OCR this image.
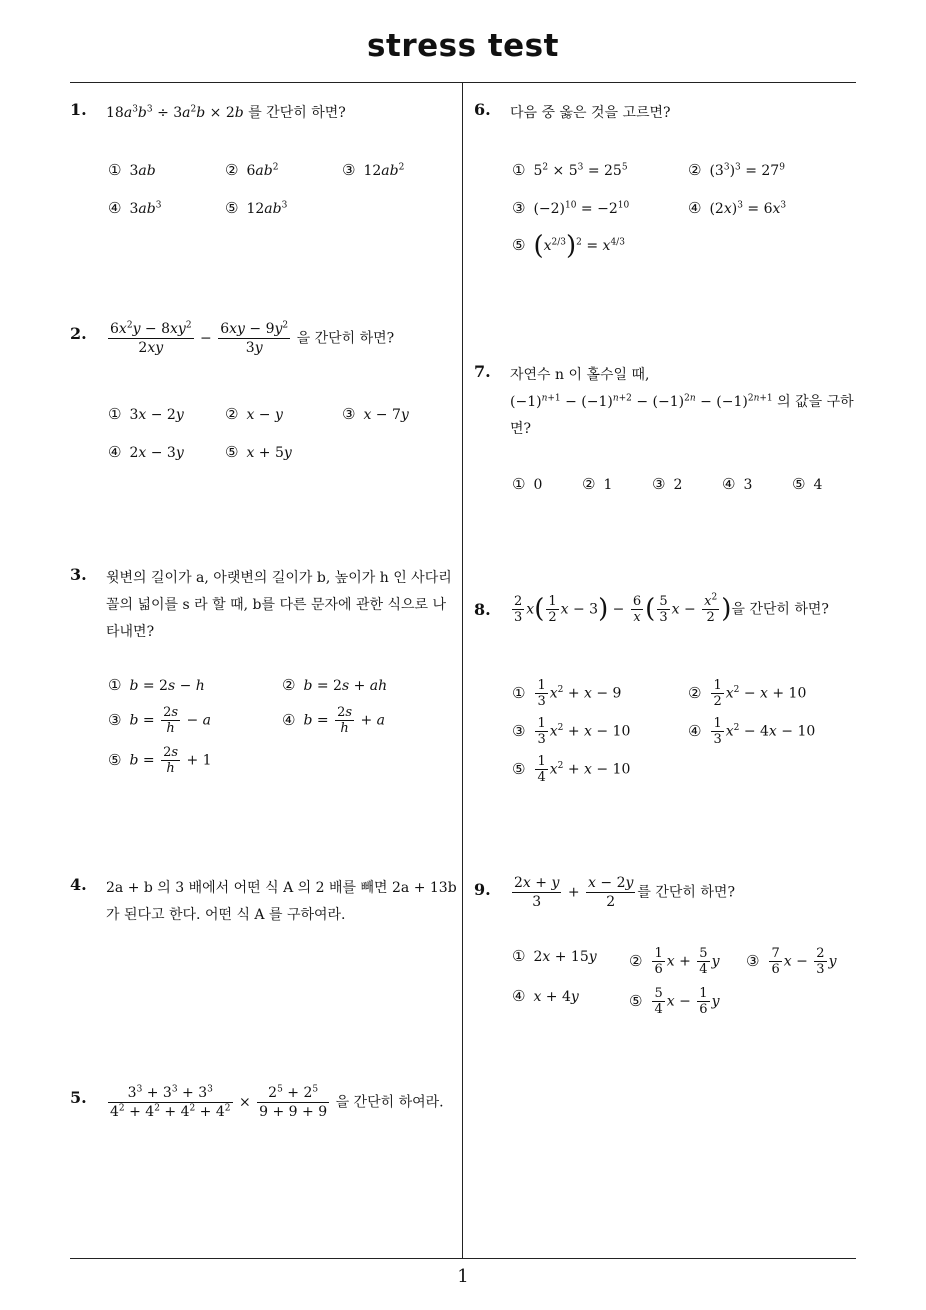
stress test
1
1. $18a^3b^3 \div 3a^2b \times 2b$ 를 간단히 하면?
① 3ab	② $6ab^2$	③ $12ab^2$
④ $3ab^3$	⑤ $12ab^3$
2. $\frac{6x^2y - 8xy^2}{2xy} - \frac{6xy - 9y^2}{3y}$ 을 간단히 하면?
① 3x − 2y	② x − y	③ x − 7y
④ 2x − 3y	⑤ x + 5y
3. 윗변의 길이가 a, 아랫변의 길이가 b, 높이가 h 인 사다리꼴의 넓이를 s 라 할 때, b를 다른 문자에 관한 식으로 나타내면?
① b = 2s − h	② b = 2s + ah
③ $b = \frac{2s}{h} - a$	④ $b = \frac{2s}{h} + a$
⑤ $b = \frac{2s}{h} + 1$
4. 2a + b 의 3 배에서 어떤 식 A 의 2 배를 빼면 2a + 13b 가 된다고 한다. 어떤 식 A 를 구하여라.
5. $\frac{3^3 + 3^3 + 3^3}{4^2 + 4^2 + 4^2 + 4^2} \times \frac{2^5 + 2^5}{9 + 9 + 9}$ 을 간단히 하여라.
6. 다음 중 옳은 것을 고르면?
① $5^2 \times 5^3 = 25^5$	② $(3^3)^3 = 27^9$
③ $(-2)^{10} = -2^{10}$	④ $(2x)^3 = 6x^3$
⑤ $(x^{2/3})^2 = x^{4/3}$
7. 자연수 n 이 홀수일 때,
$(-1)^{n+1} - (-1)^{n+2} - (-1)^{2n} - (-1)^{2n+1}$ 의 값을 구하면?
① 0	② 1	③ 2	④ 3	⑤ 4
8. $\frac{2}{3} x( \frac{1}{2}$ $x - 3) - \frac{6}{x}$ ( $\frac{5}{3}$ $x - \frac{x^2}{2}$ )을 간단히 하면?
① $\frac{1}{3} x^2 + x - 9$	② $\frac{1}{2} x^2 - x + 10$
③ $\frac{1}{3} x^2 + x - 10$	④ $\frac{1}{3} x^2 - 4x - 10$
⑤ $\frac{1}{4} x^2 + x - 10$
9. $\frac{2x + y}{3} + \frac{x - 2y}{2}$ 를 간단히 하면?
① 2x + 15y ② $\frac{1}{6}$ $x + \frac{5}{4}$ y ③ $\frac{7}{6}$ $x - \frac{2}{3}$ y
④ x + 4y	⑤ $\frac{5}{4}$ $x - \frac{1}{6}$ y
